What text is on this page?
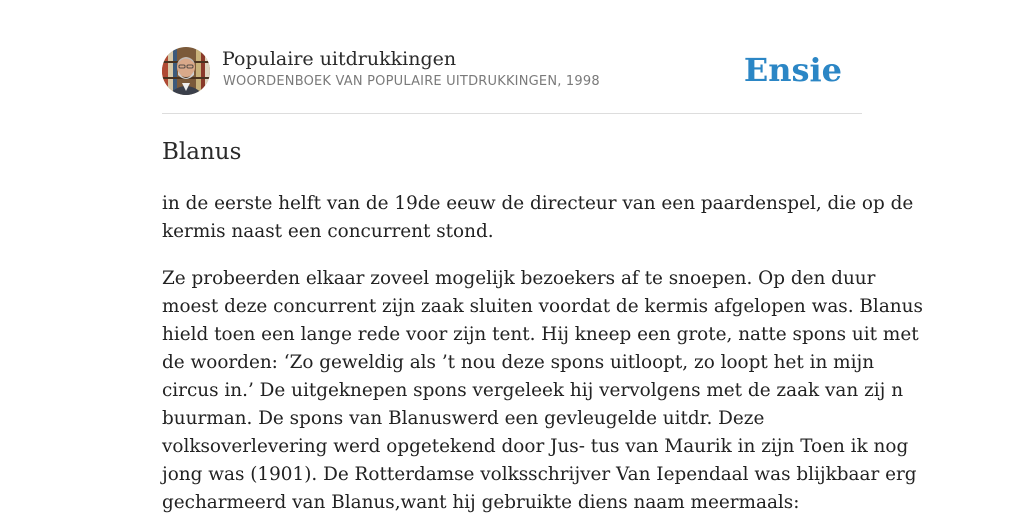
Populaire uitdrukkingen
WOORDENBOEK VAN POPULAIRE UITDRUKKINGEN, 1998	Ensie
Blanus

in de eerste helft van de 19de eeuw de directeur van een paardenspel, die op de
kermis naast een concurrent stond.

Ze probeerden elkaar zoveel mogelijk bezoekers af te snoepen. Op den duur
moest deze concurrent zijn zaak sluiten voordat de kermis afgelopen was. Blanus
hield toen een lange rede voor zijn tent. Hij kneep een grote, natte spons uit met
de woorden: ‘Zo geweldig als ’t nou deze spons uitloopt, zo loopt het in mijn
circus in.’ De uitgeknepen spons vergeleek hij vervolgens met de zaak van zij n
buurman. De spons van Blanuswerd een gevleugelde uitdr. Deze
volksoverlevering werd opgetekend door Jus- tus van Maurik in zijn Toen ik nog
jong was (1901). De Rotterdamse volksschrijver Van Iependaal was blijkbaar erg
gecharmeerd van Blanus,want hij gebruikte diens naam meermaals:
